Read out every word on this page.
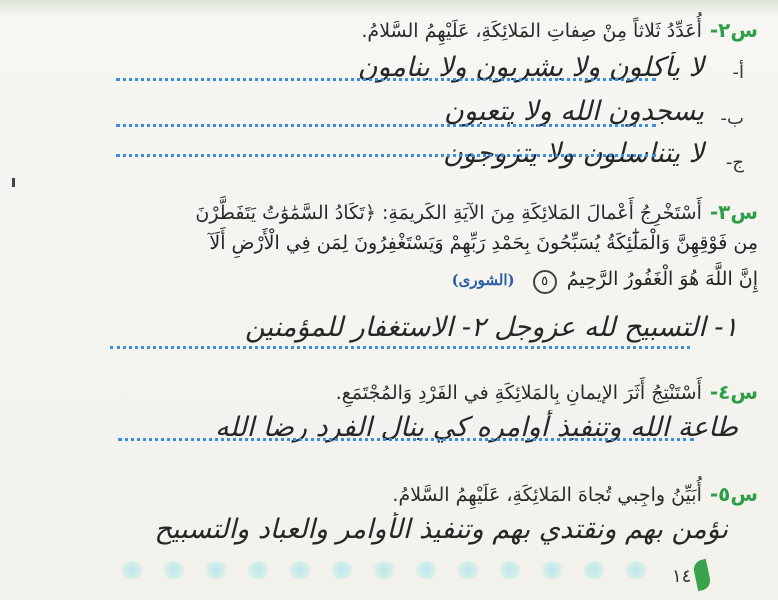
س٢-أُعَدِّدُ ثَلاثاً مِنْ صِفاتِ المَلائِكَةِ، عَلَيْهِمُ السَّلامُ.
أ-
لا يأكلون ولا يشربون ولا ينامون
ب-
يسجدون الله ولا يتعبون
ج-
لا يتناسلون ولا يتزوجون
س٣-أَسْتَخْرِجُ أَعْمالَ المَلائِكَةِ مِنَ الآيَةِ الكَريمَةِ: ﴿تَكَادُ السَّمَٰوَٰتُ يَتَفَطَّرْنَ
مِن فَوْقِهِنَّ وَالْمَلَٰٓئِكَةُ يُسَبِّحُونَ بِحَمْدِ رَبِّهِمْ وَيَسْتَغْفِرُونَ لِمَن فِي الْأَرْضِ أَلَآ
إِنَّ اللَّهَ هُوَ الْغَفُورُ الرَّحِيمُ ٥ (الشورى)
١- التسبيح لله عزوجل ٢- الاستغفار للمؤمنين
س٤-أَسْتَنْتِجُ أَثَرَ الإيمانِ بِالمَلائِكَةِ في الفَرْدِ وَالمُجْتَمَعِ.
طاعة الله وتنفيذ أوامره كي ينال الفرد رضا الله
س٥-أُبَيِّنُ واجِبي تُجاهَ المَلائِكَةِ، عَلَيْهِمُ السَّلامُ.
نؤمن بهم ونقتدي بهم وتنفيذ الأوامر والعباد والتسبيح
١٤
